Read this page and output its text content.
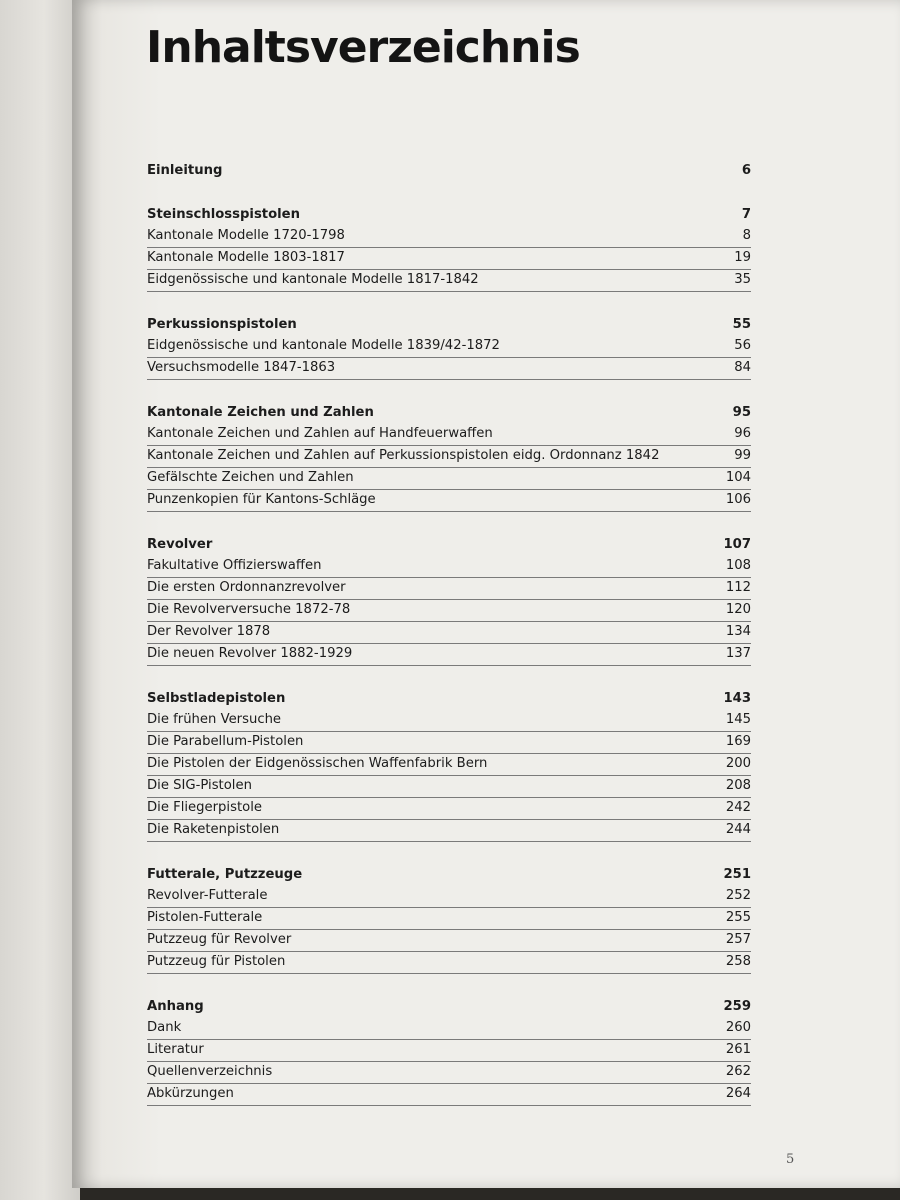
Inhaltsverzeichnis
Einleitung	6
Steinschlosspistolen	7
Kantonale Modelle 1720-1798	8
Kantonale Modelle 1803-1817	19
Eidgenössische und kantonale Modelle 1817-1842	35
Perkussionspistolen	55
Eidgenössische und kantonale Modelle 1839/42-1872	56
Versuchsmodelle 1847-1863	84
Kantonale Zeichen und Zahlen	95
Kantonale Zeichen und Zahlen auf Handfeuerwaffen	96
Kantonale Zeichen und Zahlen auf Perkussionspistolen eidg. Ordonnanz 1842	99
Gefälschte Zeichen und Zahlen	104
Punzenkopien für Kantons-Schläge	106
Revolver	107
Fakultative Offizierswaffen	108
Die ersten Ordonnanzrevolver	112
Die Revolverversuche 1872-78	120
Der Revolver 1878	134
Die neuen Revolver 1882-1929	137
Selbstladepistolen	143
Die frühen Versuche	145
Die Parabellum-Pistolen	169
Die Pistolen der Eidgenössischen Waffenfabrik Bern	200
Die SIG-Pistolen	208
Die Fliegerpistole	242
Die Raketenpistolen	244
Futterale, Putzzeuge	251
Revolver-Futterale	252
Pistolen-Futterale	255
Putzzeug für Revolver	257
Putzzeug für Pistolen	258
Anhang	259
Dank	260
Literatur	261
Quellenverzeichnis	262
Abkürzungen	264
5
